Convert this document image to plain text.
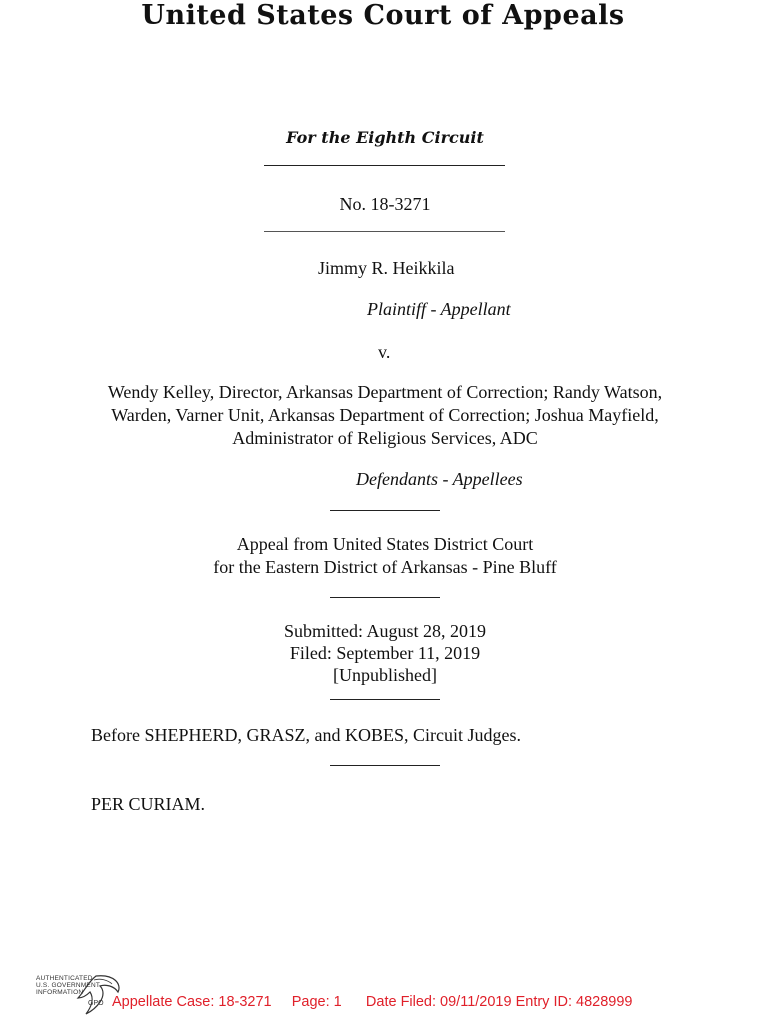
United States Court of Appeals
For the Eighth Circuit
No. 18-3271
Jimmy R. Heikkila
Plaintiff - Appellant
v.
Wendy Kelley, Director, Arkansas Department of Correction; Randy Watson,
Warden, Varner Unit, Arkansas Department of Correction; Joshua Mayfield,
Administrator of Religious Services, ADC
Defendants - Appellees
Appeal from United States District Court
for the Eastern District of Arkansas - Pine Bluff
Submitted: August 28, 2019
Filed: September 11, 2019
[Unpublished]
Before SHEPHERD, GRASZ, and KOBES, Circuit Judges.
PER CURIAM.
AUTHENTICATED
U.S. GOVERNMENT
INFORMATION
GPO Appellate Case: 18-3271     Page: 1      Date Filed: 09/11/2019 Entry ID: 4828999
